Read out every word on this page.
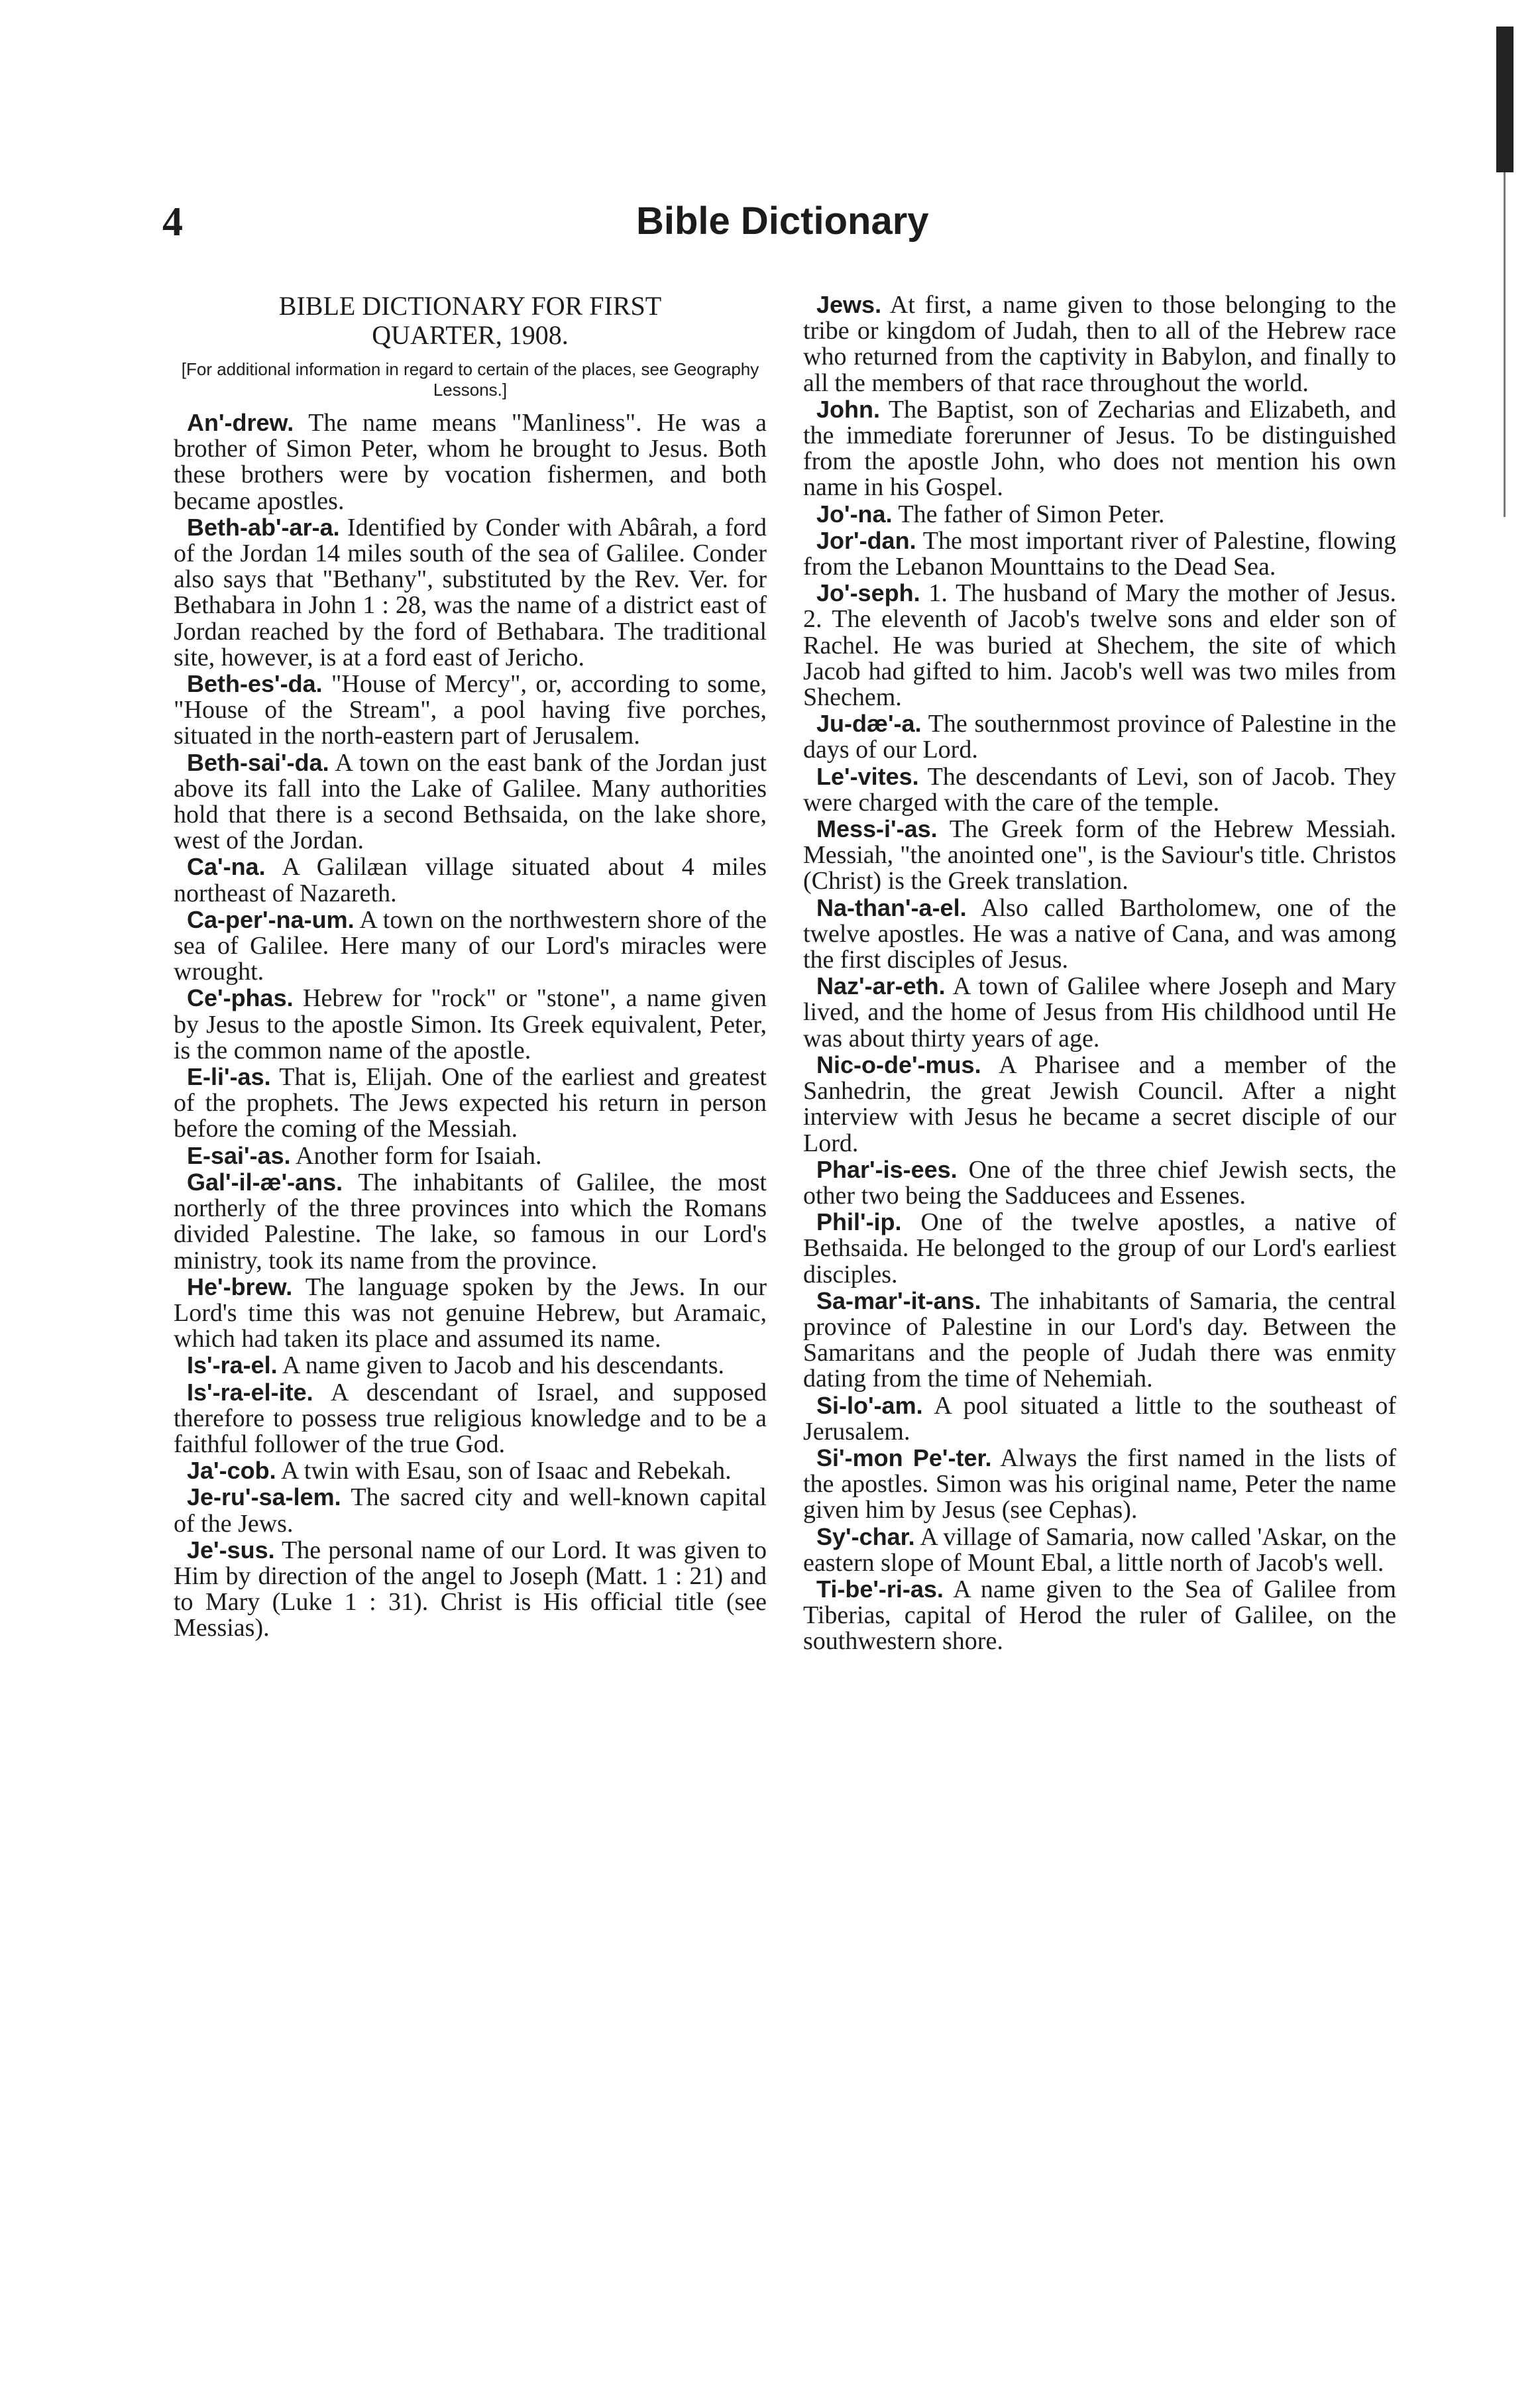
4	Bible Dictionary
BIBLE DICTIONARY FOR FIRST
QUARTER, 1908.
[For additional information in regard to certain of the places, see Geography Lessons.]

An'-drew. The name means "Manliness". He was a brother of Simon Peter, whom he brought to Jesus. Both these brothers were by vocation fishermen, and both became apostles.

Beth-ab'-ar-a. Identified by Conder with Abârah, a ford of the Jordan 14 miles south of the sea of Galilee. Conder also says that "Bethany", substituted by the Rev. Ver. for Bethabara in John 1 : 28, was the name of a district east of Jordan reached by the ford of Bethabara. The traditional site, however, is at a ford east of Jericho.

Beth-es'-da. "House of Mercy", or, according to some, "House of the Stream", a pool having five porches, situated in the north-eastern part of Jerusalem.

Beth-sai'-da. A town on the east bank of the Jordan just above its fall into the Lake of Galilee. Many authorities hold that there is a second Bethsaida, on the lake shore, west of the Jordan.

Ca'-na. A Galilæan village situated about 4 miles northeast of Nazareth.

Ca-per'-na-um. A town on the northwestern shore of the sea of Galilee. Here many of our Lord's miracles were wrought.

Ce'-phas. Hebrew for "rock" or "stone", a name given by Jesus to the apostle Simon. Its Greek equivalent, Peter, is the common name of the apostle.

E-li'-as. That is, Elijah. One of the earliest and greatest of the prophets. The Jews expected his return in person before the coming of the Messiah.

E-sai'-as. Another form for Isaiah.

Gal'-il-æ'-ans. The inhabitants of Galilee, the most northerly of the three provinces into which the Romans divided Palestine. The lake, so famous in our Lord's ministry, took its name from the province.

He'-brew. The language spoken by the Jews. In our Lord's time this was not genuine Hebrew, but Aramaic, which had taken its place and assumed its name.

Is'-ra-el. A name given to Jacob and his descendants.

Is'-ra-el-ite. A descendant of Israel, and supposed therefore to possess true religious knowledge and to be a faithful follower of the true God.

Ja'-cob. A twin with Esau, son of Isaac and Rebekah.

Je-ru'-sa-lem. The sacred city and well-known capital of the Jews.

Je'-sus. The personal name of our Lord. It was given to Him by direction of the angel to Joseph (Matt. 1 : 21) and to Mary (Luke 1 : 31). Christ is His official title (see Messias).

Jews. At first, a name given to those belonging to the tribe or kingdom of Judah, then to all of the Hebrew race who returned from the captivity in Babylon, and finally to all the members of that race throughout the world.

John. The Baptist, son of Zecharias and Elizabeth, and the immediate forerunner of Jesus. To be distinguished from the apostle John, who does not mention his own name in his Gospel.

Jo'-na. The father of Simon Peter.

Jor'-dan. The most important river of Palestine, flowing from the Lebanon Mounttains to the Dead Sea.

Jo'-seph. 1. The husband of Mary the mother of Jesus. 2. The eleventh of Jacob's twelve sons and elder son of Rachel. He was buried at Shechem, the site of which Jacob had gifted to him. Jacob's well was two miles from Shechem.

Ju-dæ'-a. The southernmost province of Palestine in the days of our Lord.

Le'-vites. The descendants of Levi, son of Jacob. They were charged with the care of the temple.

Mess-i'-as. The Greek form of the Hebrew Messiah. Messiah, "the anointed one", is the Saviour's title. Christos (Christ) is the Greek translation.

Na-than'-a-el. Also called Bartholomew, one of the twelve apostles. He was a native of Cana, and was among the first disciples of Jesus.

Naz'-ar-eth. A town of Galilee where Joseph and Mary lived, and the home of Jesus from His childhood until He was about thirty years of age.

Nic-o-de'-mus. A Pharisee and a member of the Sanhedrin, the great Jewish Council. After a night interview with Jesus he became a secret disciple of our Lord.

Phar'-is-ees. One of the three chief Jewish sects, the other two being the Sadducees and Essenes.

Phil'-ip. One of the twelve apostles, a native of Bethsaida. He belonged to the group of our Lord's earliest disciples.

Sa-mar'-it-ans. The inhabitants of Samaria, the central province of Palestine in our Lord's day. Between the Samaritans and the people of Judah there was enmity dating from the time of Nehemiah.

Si-lo'-am. A pool situated a little to the southeast of Jerusalem.

Si'-mon Pe'-ter. Always the first named in the lists of the apostles. Simon was his original name, Peter the name given him by Jesus (see Cephas).

Sy'-char. A village of Samaria, now called 'Askar, on the eastern slope of Mount Ebal, a little north of Jacob's well.

Ti-be'-ri-as. A name given to the Sea of Galilee from Tiberias, capital of Herod the ruler of Galilee, on the southwestern shore.
